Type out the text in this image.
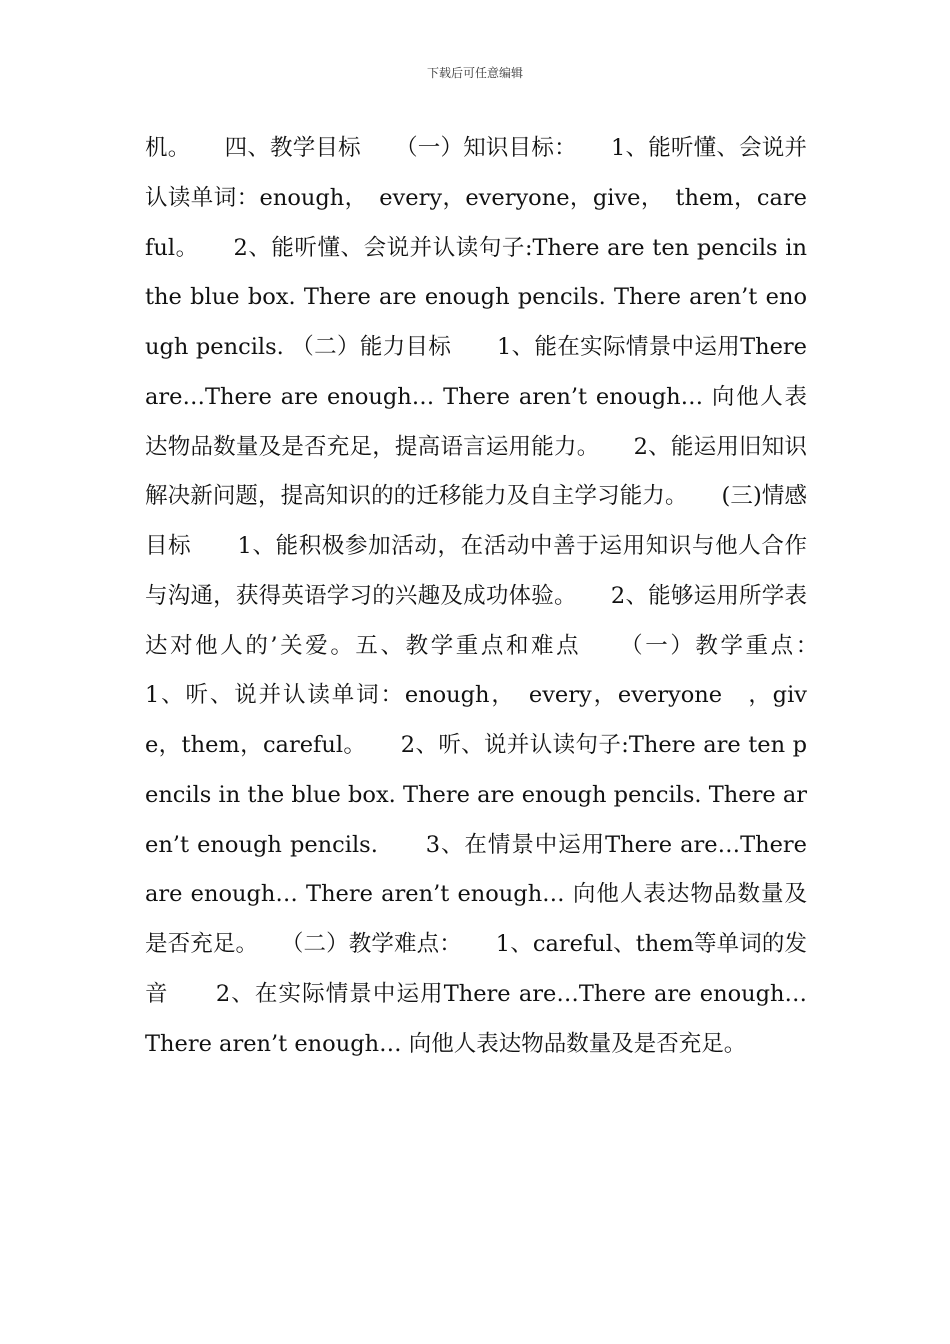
下载后可任意编辑

机。　　四、教学目标　　（一）知识目标：　　1、能听懂、会说并认读单词：enough，　every，everyone，give，　them，careful。　　2、能听懂、会说并认读句子:There are ten pencils in the blue box. There are enough pencils. There aren’t enough pencils. （二）能力目标　　1、能在实际情景中运用There are…There are enough… There aren’t enough… 向他人表达物品数量及是否充足，提高语言运用能力。　　2、能运用旧知识解决新问题，提高知识的的迁移能力及自主学习能力。　　(三)情感目标　　1、能积极参加活动，在活动中善于运用知识与他人合作与沟通，获得英语学习的兴趣及成功体验。　　2、能够运用所学表达对他人的’关爱。五、教学重点和难点　　（一）教学重点：　　1、听、说并认读单词：enough，　every，everyone　，give，them，careful。　　2、听、说并认读句子:There are ten pencils in the blue box. There are enough pencils. There aren’t enough pencils.　　3、在情景中运用There are…There are enough… There aren’t enough… 向他人表达物品数量及是否充足。　　（二）教学难点：　　1、careful、them等单词的发音　　2、在实际情景中运用There are…There are enough… There aren’t enough… 向他人表达物品数量及是否充足。
